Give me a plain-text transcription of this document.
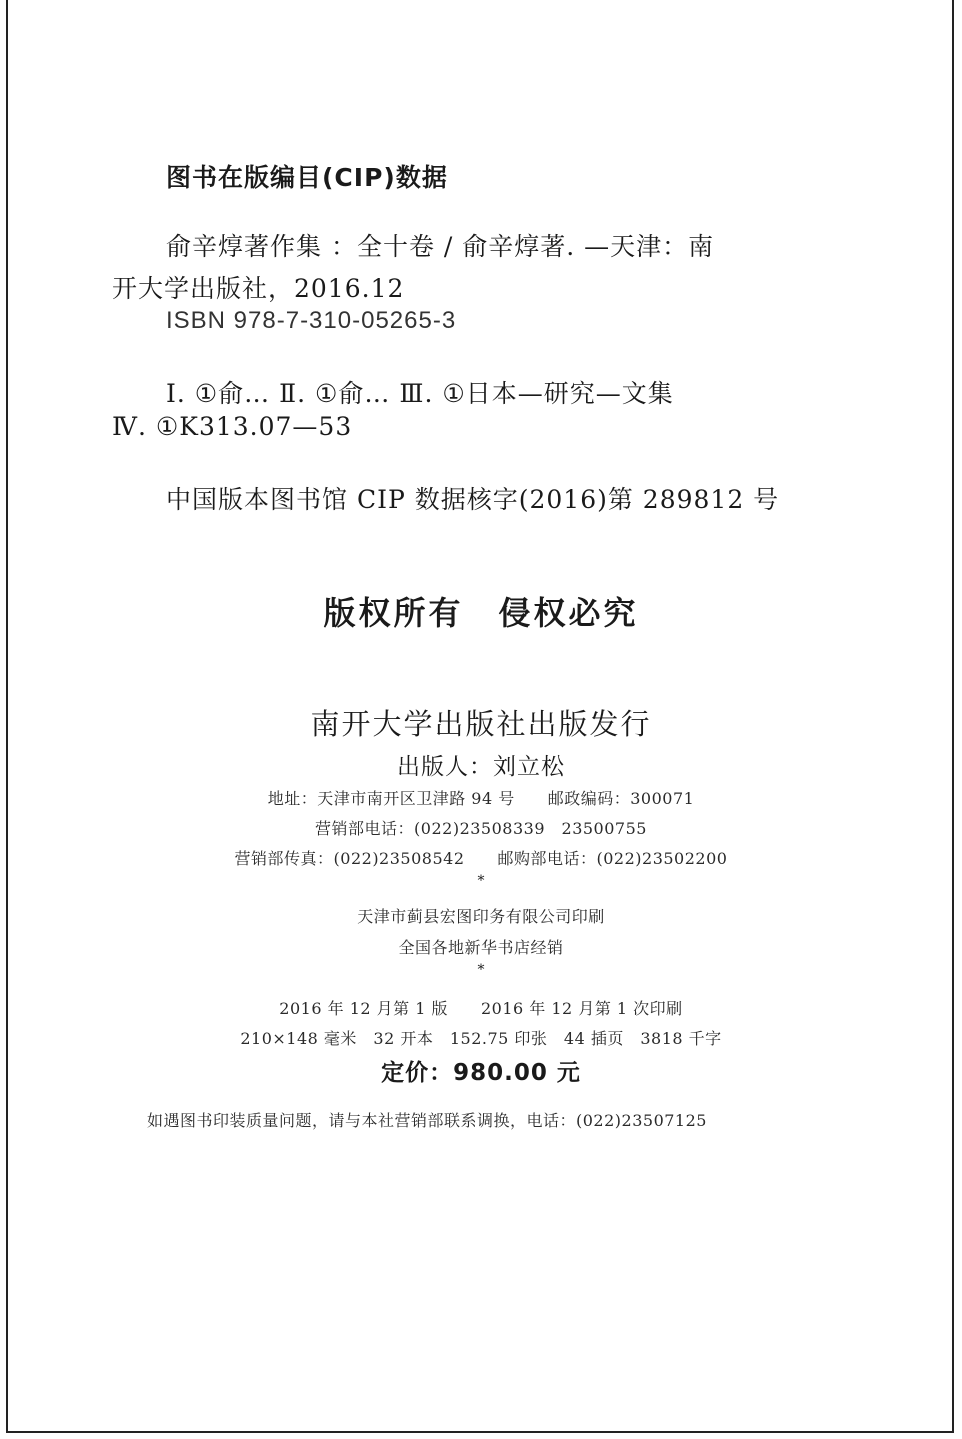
图书在版编目(CIP)数据
俞辛焞著作集 ：全十卷 / 俞辛焞著. —天津：南
开大学出版社，2016.12
ISBN 978-7-310-05265-3
Ⅰ. ①俞… Ⅱ. ①俞… Ⅲ. ①日本—研究—文集
Ⅳ. ①K313.07—53
中国版本图书馆 CIP 数据核字(2016)第 289812 号
版权所有　侵权必究
南开大学出版社出版发行
出版人：刘立松
地址：天津市南开区卫津路 94 号　　邮政编码：300071
营销部电话：(022)23508339　23500755
营销部传真：(022)23508542　　邮购部电话：(022)23502200
*
天津市蓟县宏图印务有限公司印刷
全国各地新华书店经销
*
2016 年 12 月第 1 版　　2016 年 12 月第 1 次印刷
210×148 毫米　32 开本　152.75 印张　44 插页　3818 千字
定价：980.00 元
如遇图书印装质量问题，请与本社营销部联系调换，电话：(022)23507125
